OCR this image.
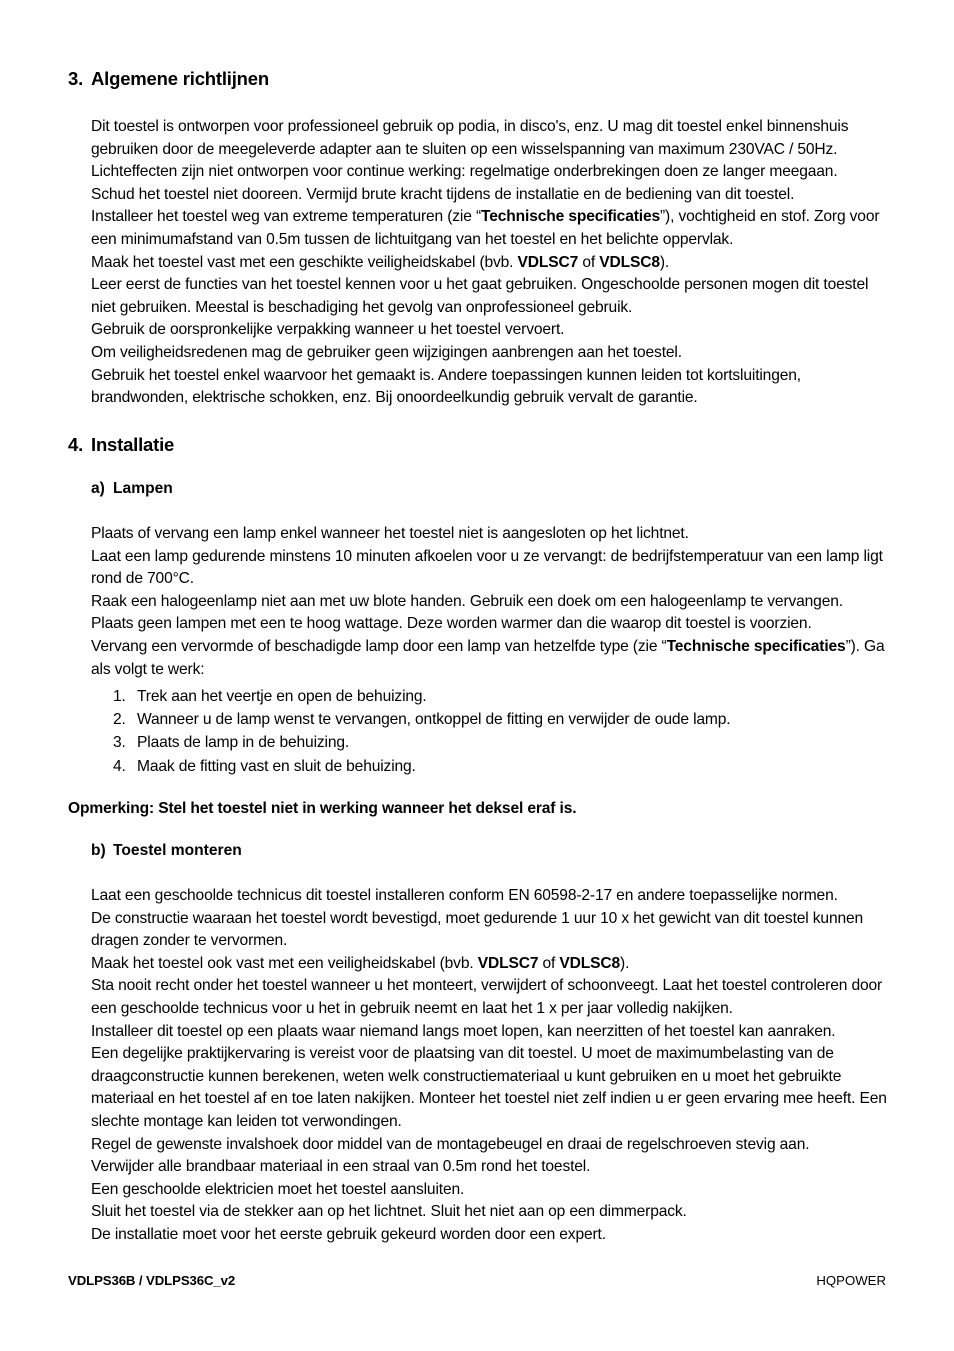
3. Algemene richtlijnen

Dit toestel is ontworpen voor professioneel gebruik op podia, in disco's, enz. U mag dit toestel enkel binnenshuis gebruiken door de meegeleverde adapter aan te sluiten op een wisselspanning van maximum 230VAC / 50Hz.

Lichteffecten zijn niet ontworpen voor continue werking: regelmatige onderbrekingen doen ze langer meegaan.

Schud het toestel niet dooreen. Vermijd brute kracht tijdens de installatie en de bediening van dit toestel.

Installeer het toestel weg van extreme temperaturen (zie “Technische specificaties”), vochtigheid en stof. Zorg voor een minimumafstand van 0.5m tussen de lichtuitgang van het toestel en het belichte oppervlak.

Maak het toestel vast met een geschikte veiligheidskabel (bvb. VDLSC7 of VDLSC8).

Leer eerst de functies van het toestel kennen voor u het gaat gebruiken. Ongeschoolde personen mogen dit toestel niet gebruiken. Meestal is beschadiging het gevolg van onprofessioneel gebruik.

Gebruik de oorspronkelijke verpakking wanneer u het toestel vervoert.

Om veiligheidsredenen mag de gebruiker geen wijzigingen aanbrengen aan het toestel.

Gebruik het toestel enkel waarvoor het gemaakt is. Andere toepassingen kunnen leiden tot kortsluitingen, brandwonden, elektrische schokken, enz. Bij onoordeelkundig gebruik vervalt de garantie.

4. Installatie
a) Lampen

Plaats of vervang een lamp enkel wanneer het toestel niet is aangesloten op het lichtnet.

Laat een lamp gedurende minstens 10 minuten afkoelen voor u ze vervangt: de bedrijfstemperatuur van een lamp ligt rond de 700°C.

Raak een halogeenlamp niet aan met uw blote handen. Gebruik een doek om een halogeenlamp te vervangen.

Plaats geen lampen met een te hoog wattage. Deze worden warmer dan die waarop dit toestel is voorzien.

Vervang een vervormde of beschadigde lamp door een lamp van hetzelfde type (zie “Technische specificaties”). Ga als volgt te werk:

1. Trek aan het veertje en open de behuizing.
2. Wanneer u de lamp wenst te vervangen, ontkoppel de fitting en verwijder de oude lamp.
3. Plaats de lamp in de behuizing.
4. Maak de fitting vast en sluit de behuizing.
Opmerking: Stel het toestel niet in werking wanneer het deksel eraf is.
b) Toestel monteren

Laat een geschoolde technicus dit toestel installeren conform EN 60598-2-17 en andere toepasselijke normen.

De constructie waaraan het toestel wordt bevestigd, moet gedurende 1 uur 10 x het gewicht van dit toestel kunnen dragen zonder te vervormen.

Maak het toestel ook vast met een veiligheidskabel (bvb. VDLSC7 of VDLSC8).

Sta nooit recht onder het toestel wanneer u het monteert, verwijdert of schoonveegt. Laat het toestel controleren door een geschoolde technicus voor u het in gebruik neemt en laat het 1 x per jaar volledig nakijken.

Installeer dit toestel op een plaats waar niemand langs moet lopen, kan neerzitten of het toestel kan aanraken.

Een degelijke praktijkervaring is vereist voor de plaatsing van dit toestel. U moet de maximumbelasting van de draagconstructie kunnen berekenen, weten welk constructiemateriaal u kunt gebruiken en u moet het gebruikte materiaal en het toestel af en toe laten nakijken. Monteer het toestel niet zelf indien u er geen ervaring mee heeft. Een slechte montage kan leiden tot verwondingen.

Regel de gewenste invalshoek door middel van de montagebeugel en draai de regelschroeven stevig aan.

Verwijder alle brandbaar materiaal in een straal van 0.5m rond het toestel.

Een geschoolde elektricien moet het toestel aansluiten.

Sluit het toestel via de stekker aan op het lichtnet. Sluit het niet aan op een dimmerpack.

De installatie moet voor het eerste gebruik gekeurd worden door een expert.

VDLPS36B / VDLPS36C_v2	HQPOWER
